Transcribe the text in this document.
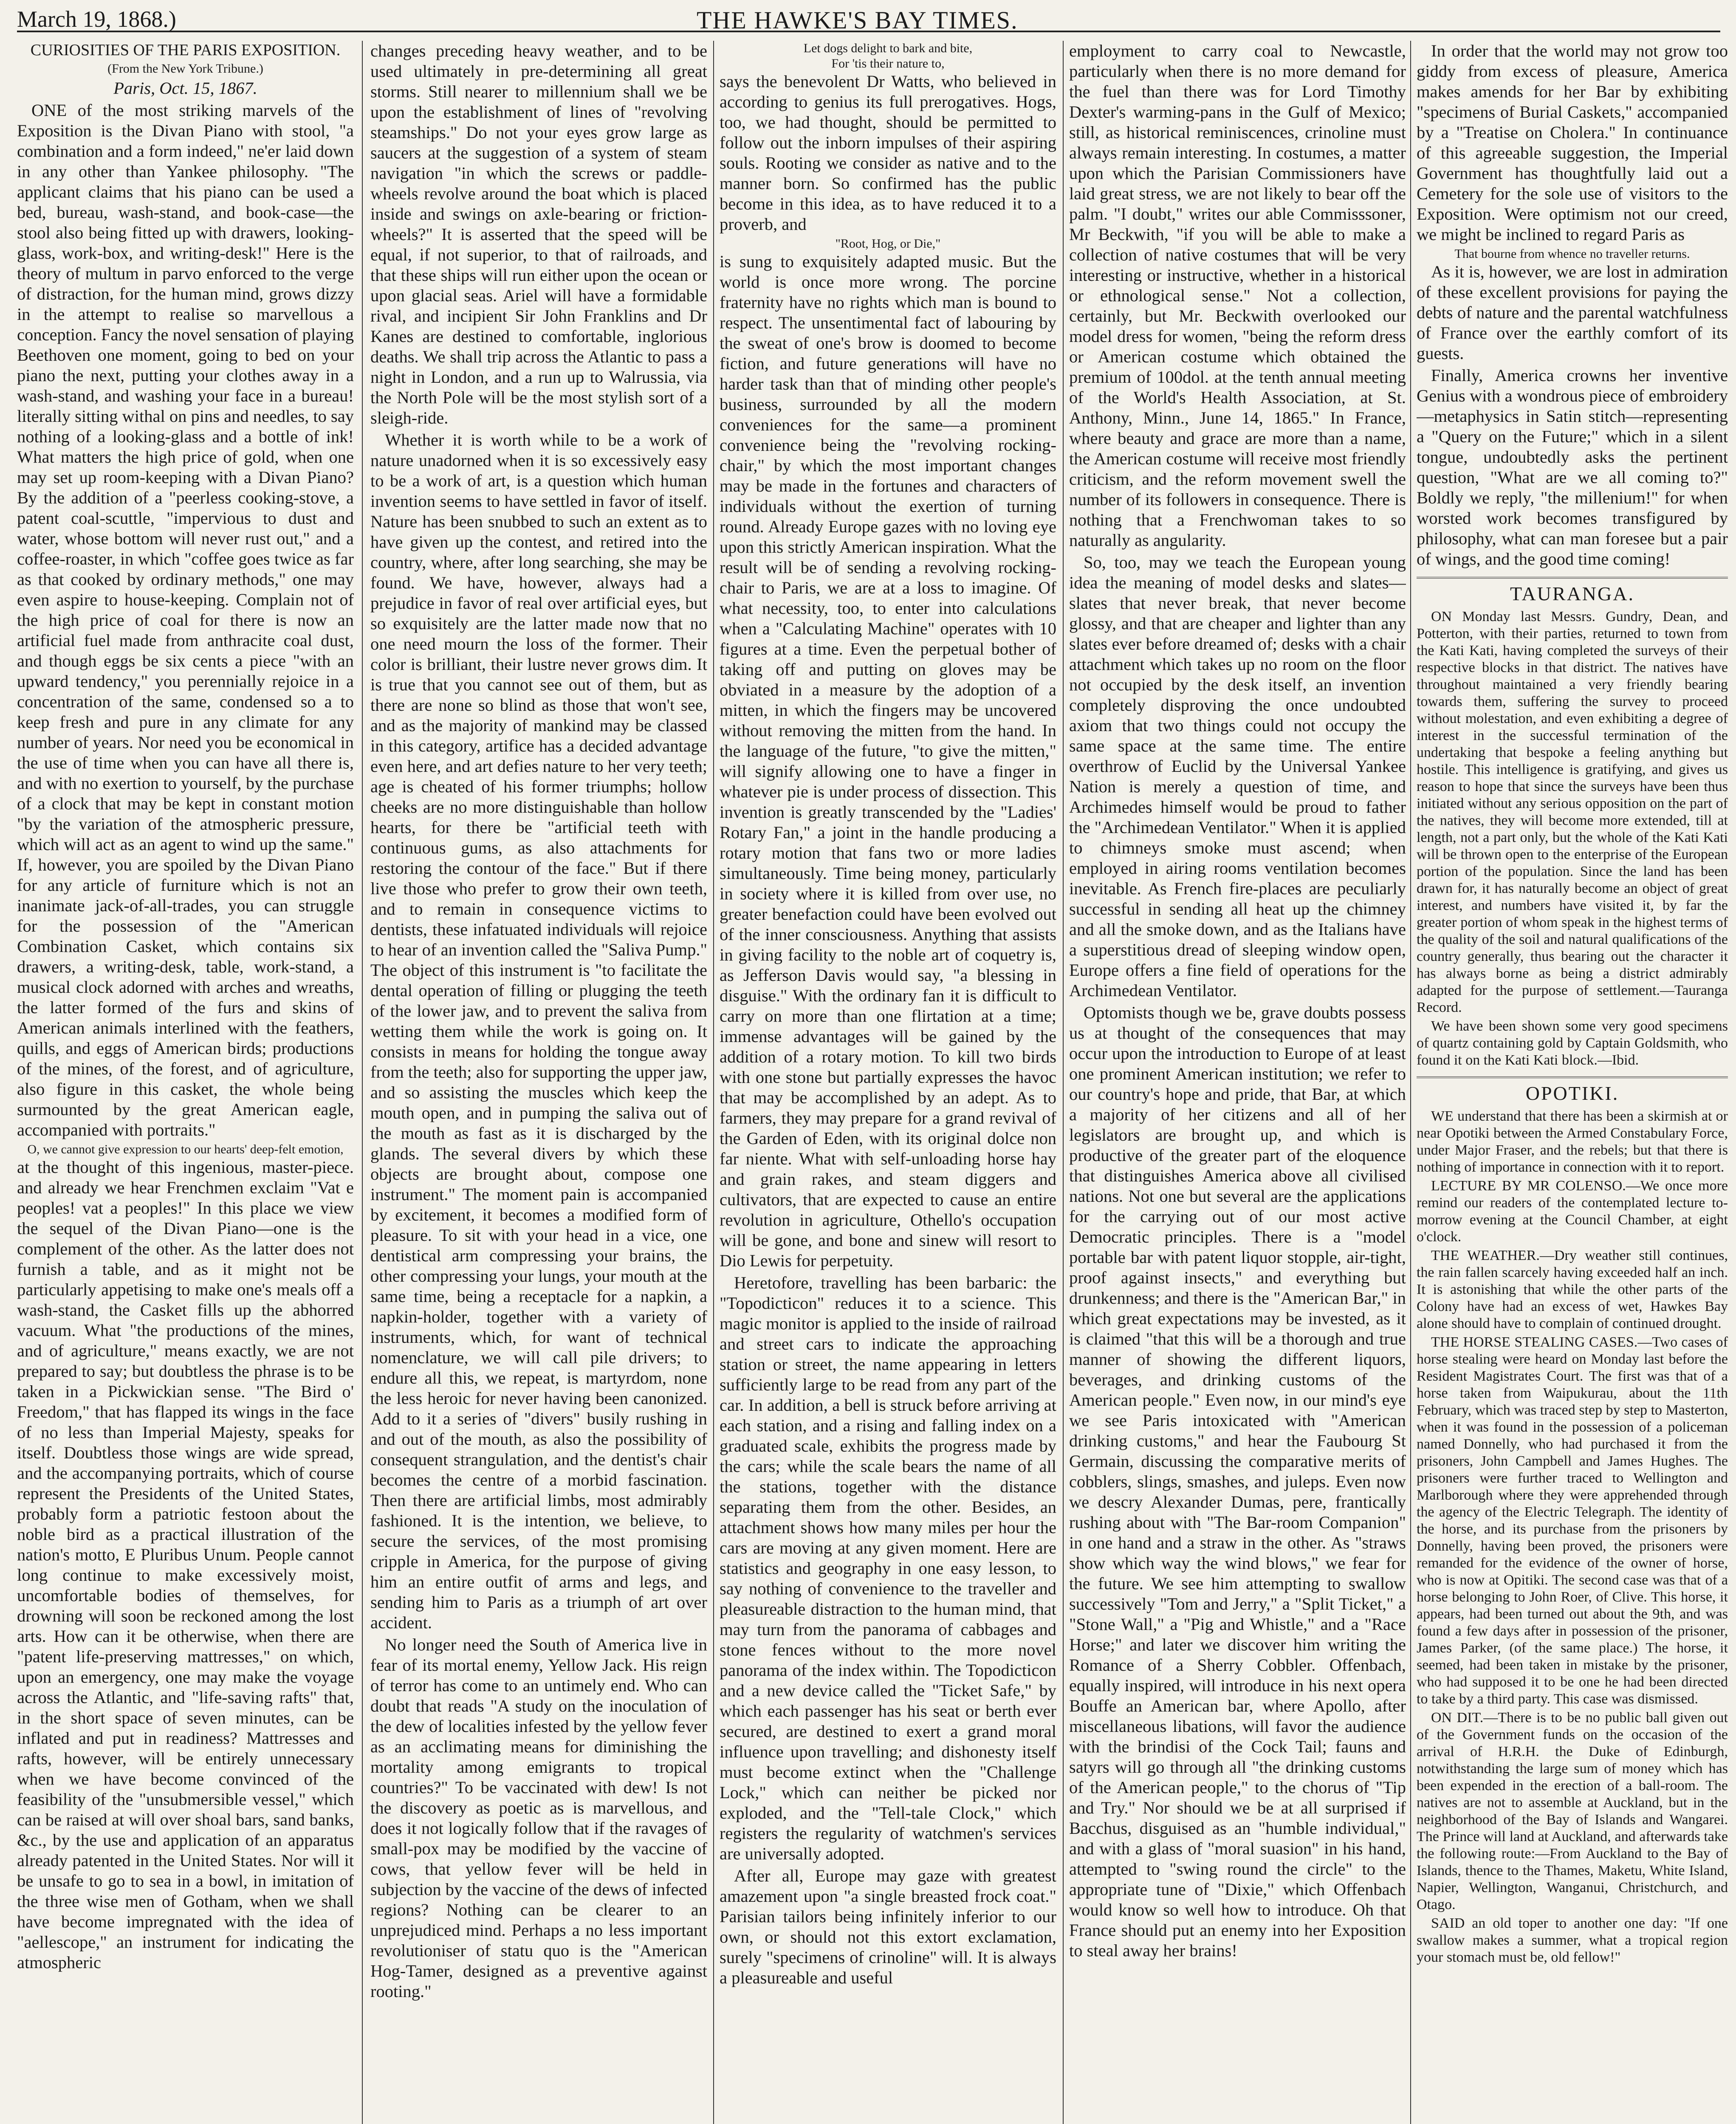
March 19, 1868.)	THE HAWKE'S BAY TIMES.
CURIOSITIES OF THE PARIS EXPOSITION.
(From the New York Tribune.)
Paris, Oct. 15, 1867.

ONE of the most striking marvels of the Exposition is the Divan Piano with stool, "a combination and a form indeed," ne'er laid down in any other than Yankee philosophy. "The applicant claims that his piano can be used a bed, bureau, wash-stand, and book-case—the stool also being fitted up with drawers, looking-glass, work-box, and writing-desk!" Here is the theory of multum in parvo enforced to the verge of distraction, for the human mind, grows dizzy in the attempt to realise so marvellous a conception. Fancy the novel sensation of playing Beethoven one moment, going to bed on your piano the next, putting your clothes away in a wash-stand, and washing your face in a bureau! literally sitting withal on pins and needles, to say nothing of a looking-glass and a bottle of ink! What matters the high price of gold, when one may set up room-keeping with a Divan Piano? By the addition of a "peerless cooking-stove, a patent coal-scuttle, "impervious to dust and water, whose bottom will never rust out," and a coffee-roaster, in which "coffee goes twice as far as that cooked by ordinary methods," one may even aspire to house-keeping. Complain not of the high price of coal for there is now an artificial fuel made from anthracite coal dust, and though eggs be six cents a piece "with an upward tendency," you perennially rejoice in a concentration of the same, condensed so a to keep fresh and pure in any climate for any number of years. Nor need you be economical in the use of time when you can have all there is, and with no exertion to yourself, by the purchase of a clock that may be kept in constant motion "by the variation of the atmospheric pressure, which will act as an agent to wind up the same." If, however, you are spoiled by the Divan Piano for any article of furniture which is not an inanimate jack-of-all-trades, you can struggle for the possession of the "American Combination Casket, which contains six drawers, a writing-desk, table, work-stand, a musical clock adorned with arches and wreaths, the latter formed of the furs and skins of American animals interlined with the feathers, quills, and eggs of American birds; productions of the mines, of the forest, and of agriculture, also figure in this casket, the whole being surmounted by the great American eagle, accompanied with portraits."

O, we cannot give expression to our hearts' deep-felt emotion,

at the thought of this ingenious, master-piece. and already we hear Frenchmen exclaim "Vat e peoples! vat a peoples!" In this place we view the sequel of the Divan Piano—one is the complement of the other. As the latter does not furnish a table, and as it might not be particularly appetising to make one's meals off a wash-stand, the Casket fills up the abhorred vacuum. What "the productions of the mines, and of agriculture," means exactly, we are not prepared to say; but doubtless the phrase is to be taken in a Pickwickian sense. "The Bird o' Freedom," that has flapped its wings in the face of no less than Imperial Majesty, speaks for itself. Doubtless those wings are wide spread, and the accompanying portraits, which of course represent the Presidents of the United States, probably form a patriotic festoon about the noble bird as a practical illustration of the nation's motto, E Pluribus Unum. People cannot long continue to make excessively moist, uncomfortable bodies of themselves, for drowning will soon be reckoned among the lost arts. How can it be otherwise, when there are "patent life-preserving mattresses," on which, upon an emergency, one may make the voyage across the Atlantic, and "life-saving rafts" that, in the short space of seven minutes, can be inflated and put in readiness? Mattresses and rafts, however, will be entirely unnecessary when we have become convinced of the feasibility of the "unsubmersible vessel," which can be raised at will over shoal bars, sand banks, &c., by the use and application of an apparatus already patented in the United States. Nor will it be unsafe to go to sea in a bowl, in imitation of the three wise men of Gotham, when we shall have become impregnated with the idea of "aellescope," an instrument for indicating the atmospheric

changes preceding heavy weather, and to be used ultimately in pre-determining all great storms. Still nearer to millennium shall we be upon the establishment of lines of "revolving steamships." Do not your eyes grow large as saucers at the suggestion of a system of steam navigation "in which the screws or paddle-wheels revolve around the boat which is placed inside and swings on axle-bearing or friction-wheels?" It is asserted that the speed will be equal, if not superior, to that of railroads, and that these ships will run either upon the ocean or upon glacial seas. Ariel will have a formidable rival, and incipient Sir John Franklins and Dr Kanes are destined to comfortable, inglorious deaths. We shall trip across the Atlantic to pass a night in London, and a run up to Walrussia, via the North Pole will be the most stylish sort of a sleigh-ride.

Whether it is worth while to be a work of nature unadorned when it is so excessively easy to be a work of art, is a question which human invention seems to have settled in favor of itself. Nature has been snubbed to such an extent as to have given up the contest, and retired into the country, where, after long searching, she may be found. We have, however, always had a prejudice in favor of real over artificial eyes, but so exquisitely are the latter made now that no one need mourn the loss of the former. Their color is brilliant, their lustre never grows dim. It is true that you cannot see out of them, but as there are none so blind as those that won't see, and as the majority of mankind may be classed in this category, artifice has a decided advantage even here, and art defies nature to her very teeth; age is cheated of his former triumphs; hollow cheeks are no more distinguishable than hollow hearts, for there be "artificial teeth with continuous gums, as also attachments for restoring the contour of the face." But if there live those who prefer to grow their own teeth, and to remain in consequence victims to dentists, these infatuated individuals will rejoice to hear of an invention called the "Saliva Pump." The object of this instrument is "to facilitate the dental operation of filling or plugging the teeth of the lower jaw, and to prevent the saliva from wetting them while the work is going on. It consists in means for holding the tongue away from the teeth; also for supporting the upper jaw, and so assisting the muscles which keep the mouth open, and in pumping the saliva out of the mouth as fast as it is discharged by the glands. The several divers by which these objects are brought about, compose one instrument." The moment pain is accompanied by excitement, it becomes a modified form of pleasure. To sit with your head in a vice, one dentistical arm compressing your brains, the other compressing your lungs, your mouth at the same time, being a receptacle for a napkin, a napkin-holder, together with a variety of instruments, which, for want of technical nomenclature, we will call pile drivers; to endure all this, we repeat, is martyrdom, none the less heroic for never having been canonized. Add to it a series of "divers" busily rushing in and out of the mouth, as also the possibility of consequent strangulation, and the dentist's chair becomes the centre of a morbid fascination. Then there are artificial limbs, most admirably fashioned. It is the intention, we believe, to secure the services, of the most promising cripple in America, for the purpose of giving him an entire outfit of arms and legs, and sending him to Paris as a triumph of art over accident.

No longer need the South of America live in fear of its mortal enemy, Yellow Jack. His reign of terror has come to an untimely end. Who can doubt that reads "A study on the inoculation of the dew of localities infested by the yellow fever as an acclimating means for diminishing the mortality among emigrants to tropical countries?" To be vaccinated with dew! Is not the discovery as poetic as is marvellous, and does it not logically follow that if the ravages of small-pox may be modified by the vaccine of cows, that yellow fever will be held in subjection by the vaccine of the dews of infected regions? Nothing can be clearer to an unprejudiced mind. Perhaps a no less important revolutioniser of statu quo is the "American Hog-Tamer, designed as a preventive against rooting."

Let dogs delight to bark and bite,
For 'tis their nature to,

says the benevolent Dr Watts, who believed in according to genius its full prerogatives. Hogs, too, we had thought, should be permitted to follow out the inborn impulses of their aspiring souls. Rooting we consider as native and to the manner born. So confirmed has the public become in this idea, as to have reduced it to a proverb, and

"Root, Hog, or Die,"

is sung to exquisitely adapted music. But the world is once more wrong. The porcine fraternity have no rights which man is bound to respect. The unsentimental fact of labouring by the sweat of one's brow is doomed to become fiction, and future generations will have no harder task than that of minding other people's business, surrounded by all the modern conveniences for the same—a prominent convenience being the "revolving rocking-chair," by which the most important changes may be made in the fortunes and characters of individuals without the exertion of turning round. Already Europe gazes with no loving eye upon this strictly American inspiration. What the result will be of sending a revolving rocking-chair to Paris, we are at a loss to imagine. Of what necessity, too, to enter into calculations when a "Calculating Machine" operates with 10 figures at a time. Even the perpetual bother of taking off and putting on gloves may be obviated in a measure by the adoption of a mitten, in which the fingers may be uncovered without removing the mitten from the hand. In the language of the future, "to give the mitten," will signify allowing one to have a finger in whatever pie is under process of dissection. This invention is greatly transcended by the "Ladies' Rotary Fan," a joint in the handle producing a rotary motion that fans two or more ladies simultaneously. Time being money, particularly in society where it is killed from over use, no greater benefaction could have been evolved out of the inner consciousness. Anything that assists in giving facility to the noble art of coquetry is, as Jefferson Davis would say, "a blessing in disguise." With the ordinary fan it is difficult to carry on more than one flirtation at a time; immense advantages will be gained by the addition of a rotary motion. To kill two birds with one stone but partially expresses the havoc that may be accomplished by an adept. As to farmers, they may prepare for a grand revival of the Garden of Eden, with its original dolce non far niente. What with self-unloading horse hay and grain rakes, and steam diggers and cultivators, that are expected to cause an entire revolution in agriculture, Othello's occupation will be gone, and bone and sinew will resort to Dio Lewis for perpetuity.

Heretofore, travelling has been barbaric: the "Topodicticon" reduces it to a science. This magic monitor is applied to the inside of railroad and street cars to indicate the approaching station or street, the name appearing in letters sufficiently large to be read from any part of the car. In addition, a bell is struck before arriving at each station, and a rising and falling index on a graduated scale, exhibits the progress made by the cars; while the scale bears the name of all the stations, together with the distance separating them from the other. Besides, an attachment shows how many miles per hour the cars are moving at any given moment. Here are statistics and geography in one easy lesson, to say nothing of convenience to the traveller and pleasureable distraction to the human mind, that may turn from the panorama of cabbages and stone fences without to the more novel panorama of the index within. The Topodicticon and a new device called the "Ticket Safe," by which each passenger has his seat or berth ever secured, are destined to exert a grand moral influence upon travelling; and dishonesty itself must become extinct when the "Challenge Lock," which can neither be picked nor exploded, and the "Tell-tale Clock," which registers the regularity of watchmen's services are universally adopted.

After all, Europe may gaze with greatest amazement upon "a single breasted frock coat." Parisian tailors being infinitely inferior to our own, or should not this extort exclamation, surely "specimens of crinoline" will. It is always a pleasureable and useful

employment to carry coal to Newcastle, particularly when there is no more demand for the fuel than there was for Lord Timothy Dexter's warming-pans in the Gulf of Mexico; still, as historical reminiscences, crinoline must always remain interesting. In costumes, a matter upon which the Parisian Commissioners have laid great stress, we are not likely to bear off the palm. "I doubt," writes our able Commisssoner, Mr Beckwith, "if you will be able to make a collection of native costumes that will be very interesting or instructive, whether in a historical or ethnological sense." Not a collection, certainly, but Mr. Beckwith overlooked our model dress for women, "being the reform dress or American costume which obtained the premium of 100dol. at the tenth annual meeting of the World's Health Association, at St. Anthony, Minn., June 14, 1865." In France, where beauty and grace are more than a name, the American costume will receive most friendly criticism, and the reform movement swell the number of its followers in consequence. There is nothing that a Frenchwoman takes to so naturally as angularity.

So, too, may we teach the European young idea the meaning of model desks and slates—slates that never break, that never become glossy, and that are cheaper and lighter than any slates ever before dreamed of; desks with a chair attachment which takes up no room on the floor not occupied by the desk itself, an invention completely disproving the once undoubted axiom that two things could not occupy the same space at the same time. The entire overthrow of Euclid by the Universal Yankee Nation is merely a question of time, and Archimedes himself would be proud to father the "Archimedean Ventilator." When it is applied to chimneys smoke must ascend; when employed in airing rooms ventilation becomes inevitable. As French fire-places are peculiarly successful in sending all heat up the chimney and all the smoke down, and as the Italians have a superstitious dread of sleeping window open, Europe offers a fine field of operations for the Archimedean Ventilator.

Optomists though we be, grave doubts possess us at thought of the consequences that may occur upon the introduction to Europe of at least one prominent American institution; we refer to our country's hope and pride, that Bar, at which a majority of her citizens and all of her legislators are brought up, and which is productive of the greater part of the eloquence that distinguishes America above all civilised nations. Not one but several are the applications for the carrying out of our most active Democratic principles. There is a "model portable bar with patent liquor stopple, air-tight, proof against insects," and everything but drunkenness; and there is the "American Bar," in which great expectations may be invested, as it is claimed "that this will be a thorough and true manner of showing the different liquors, beverages, and drinking customs of the American people." Even now, in our mind's eye we see Paris intoxicated with "American drinking customs," and hear the Faubourg St Germain, discussing the comparative merits of cobblers, slings, smashes, and juleps. Even now we descry Alexander Dumas, pere, frantically rushing about with "The Bar-room Companion" in one hand and a straw in the other. As "straws show which way the wind blows," we fear for the future. We see him attempting to swallow successively "Tom and Jerry," a "Split Ticket," a "Stone Wall," a "Pig and Whistle," and a "Race Horse;" and later we discover him writing the Romance of a Sherry Cobbler. Offenbach, equally inspired, will introduce in his next opera Bouffe an American bar, where Apollo, after miscellaneous libations, will favor the audience with the brindisi of the Cock Tail; fauns and satyrs will go through all "the drinking customs of the American people," to the chorus of "Tip and Try." Nor should we be at all surprised if Bacchus, disguised as an "humble individual," and with a glass of "moral suasion" in his hand, attempted to "swing round the circle" to the appropriate tune of "Dixie," which Offenbach would know so well how to introduce. Oh that France should put an enemy into her Exposition to steal away her brains!

In order that the world may not grow too giddy from excess of pleasure, America makes amends for her Bar by exhibiting "specimens of Burial Caskets," accompanied by a "Treatise on Cholera." In continuance of this agreeable suggestion, the Imperial Government has thoughtfully laid out a Cemetery for the sole use of visitors to the Exposition. Were optimism not our creed, we might be inclined to regard Paris as

That bourne from whence no traveller returns.

As it is, however, we are lost in admiration of these excellent provisions for paying the debts of nature and the parental watchfulness of France over the earthly comfort of its guests.

Finally, America crowns her inventive Genius with a wondrous piece of embroidery—metaphysics in Satin stitch—representing a "Query on the Future;" which in a silent tongue, undoubtedly asks the pertinent question, "What are we all coming to?" Boldly we reply, "the millenium!" for when worsted work becomes transfigured by philosophy, what can man foresee but a pair of wings, and the good time coming!

TAURANGA.

ON Monday last Messrs. Gundry, Dean, and Potterton, with their parties, returned to town from the Kati Kati, having completed the surveys of their respective blocks in that district. The natives have throughout maintained a very friendly bearing towards them, suffering the survey to proceed without molestation, and even exhibiting a degree of interest in the successful termination of the undertaking that bespoke a feeling anything but hostile. This intelligence is gratifying, and gives us reason to hope that since the surveys have been thus initiated without any serious opposition on the part of the natives, they will become more extended, till at length, not a part only, but the whole of the Kati Kati will be thrown open to the enterprise of the European portion of the population. Since the land has been drawn for, it has naturally become an object of great interest, and numbers have visited it, by far the greater portion of whom speak in the highest terms of the quality of the soil and natural qualifications of the country generally, thus bearing out the character it has always borne as being a district admirably adapted for the purpose of settlement.—Tauranga Record.

We have been shown some very good specimens of quartz containing gold by Captain Goldsmith, who found it on the Kati Kati block.—Ibid.

OPOTIKI.

WE understand that there has been a skirmish at or near Opotiki between the Armed Constabulary Force, under Major Fraser, and the rebels; but that there is nothing of importance in connection with it to report.

LECTURE BY MR COLENSO.—We once more remind our readers of the contemplated lecture to-morrow evening at the Council Chamber, at eight o'clock.

THE WEATHER.—Dry weather still continues, the rain fallen scarcely having exceeded half an inch. It is astonishing that while the other parts of the Colony have had an excess of wet, Hawkes Bay alone should have to complain of continued drought.

THE HORSE STEALING CASES.—Two cases of horse stealing were heard on Monday last before the Resident Magistrates Court. The first was that of a horse taken from Waipukurau, about the 11th February, which was traced step by step to Masterton, when it was found in the possession of a policeman named Donnelly, who had purchased it from the prisoners, John Campbell and James Hughes. The prisoners were further traced to Wellington and Marlborough where they were apprehended through the agency of the Electric Telegraph. The identity of the horse, and its purchase from the prisoners by Donnelly, having been proved, the prisoners were remanded for the evidence of the owner of horse, who is now at Opitiki. The second case was that of a horse belonging to John Roer, of Clive. This horse, it appears, had been turned out about the 9th, and was found a few days after in possession of the prisoner, James Parker, (of the same place.) The horse, it seemed, had been taken in mistake by the prisoner, who had supposed it to be one he had been directed to take by a third party. This case was dismissed.

ON DIT.—There is to be no public ball given out of the Government funds on the occasion of the arrival of H.R.H. the Duke of Edinburgh, notwithstanding the large sum of money which has been expended in the erection of a ball-room. The natives are not to assemble at Auckland, but in the neighborhood of the Bay of Islands and Wangarei. The Prince will land at Auckland, and afterwards take the following route:—From Auckland to the Bay of Islands, thence to the Thames, Maketu, White Island, Napier, Wellington, Wanganui, Christchurch, and Otago.

SAID an old toper to another one day: "If one swallow makes a summer, what a tropical region your stomach must be, old fellow!"
